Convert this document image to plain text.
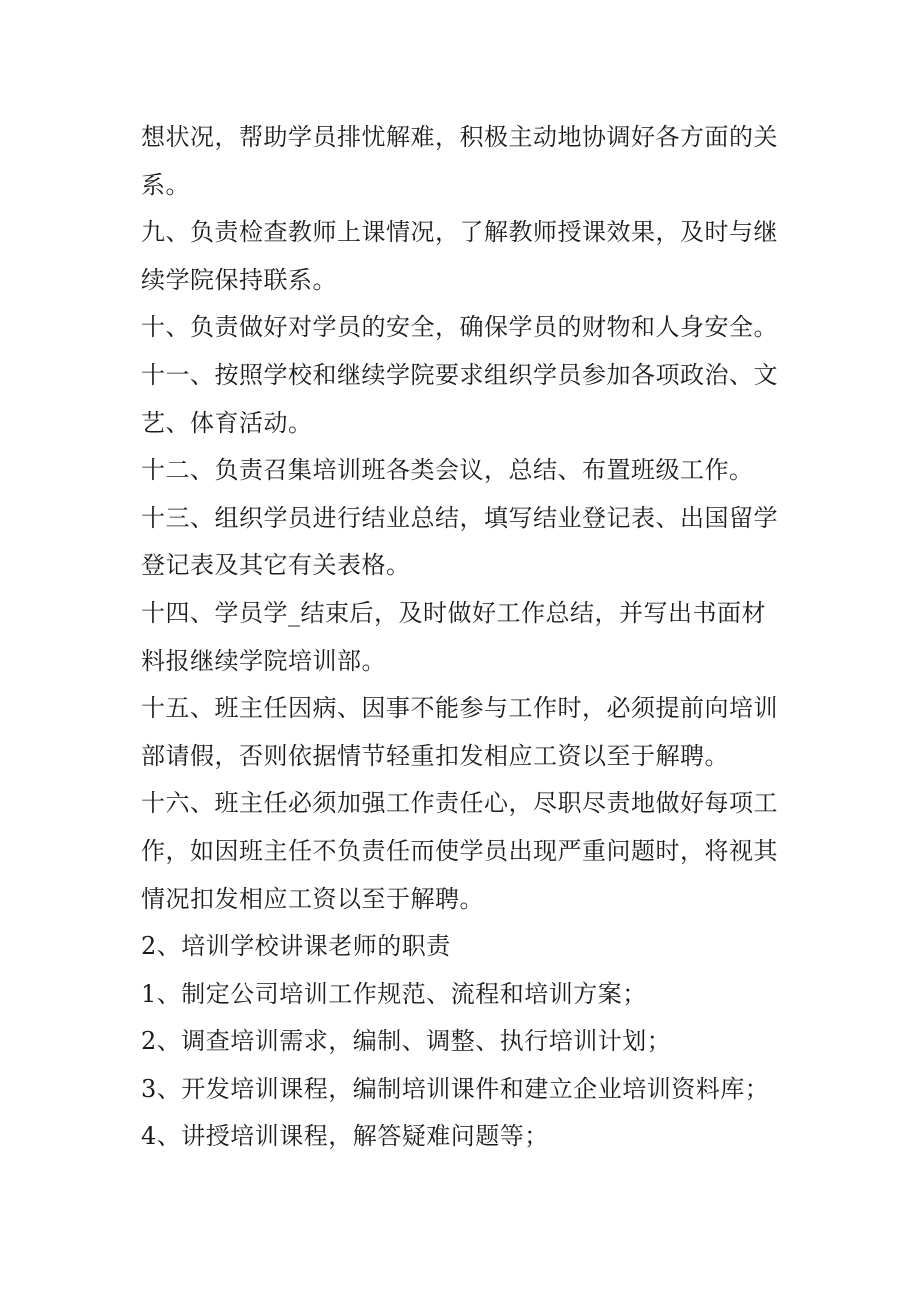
想状况，帮助学员排忧解难，积极主动地协调好各方面的关
系。
九、负责检查教师上课情况，了解教师授课效果，及时与继
续学院保持联系。
十、负责做好对学员的安全，确保学员的财物和人身安全。
十一、按照学校和继续学院要求组织学员参加各项政治、文
艺、体育活动。
十二、负责召集培训班各类会议，总结、布置班级工作。
十三、组织学员进行结业总结，填写结业登记表、出国留学
登记表及其它有关表格。
十四、学员学_结束后，及时做好工作总结，并写出书面材
料报继续学院培训部。
十五、班主任因病、因事不能参与工作时，必须提前向培训
部请假，否则依据情节轻重扣发相应工资以至于解聘。
十六、班主任必须加强工作责任心，尽职尽责地做好每项工
作，如因班主任不负责任而使学员出现严重问题时，将视其
情况扣发相应工资以至于解聘。
2、培训学校讲课老师的职责
1、制定公司培训工作规范、流程和培训方案；
2、调查培训需求，编制、调整、执行培训计划；
3、开发培训课程，编制培训课件和建立企业培训资料库；
4、讲授培训课程，解答疑难问题等；
